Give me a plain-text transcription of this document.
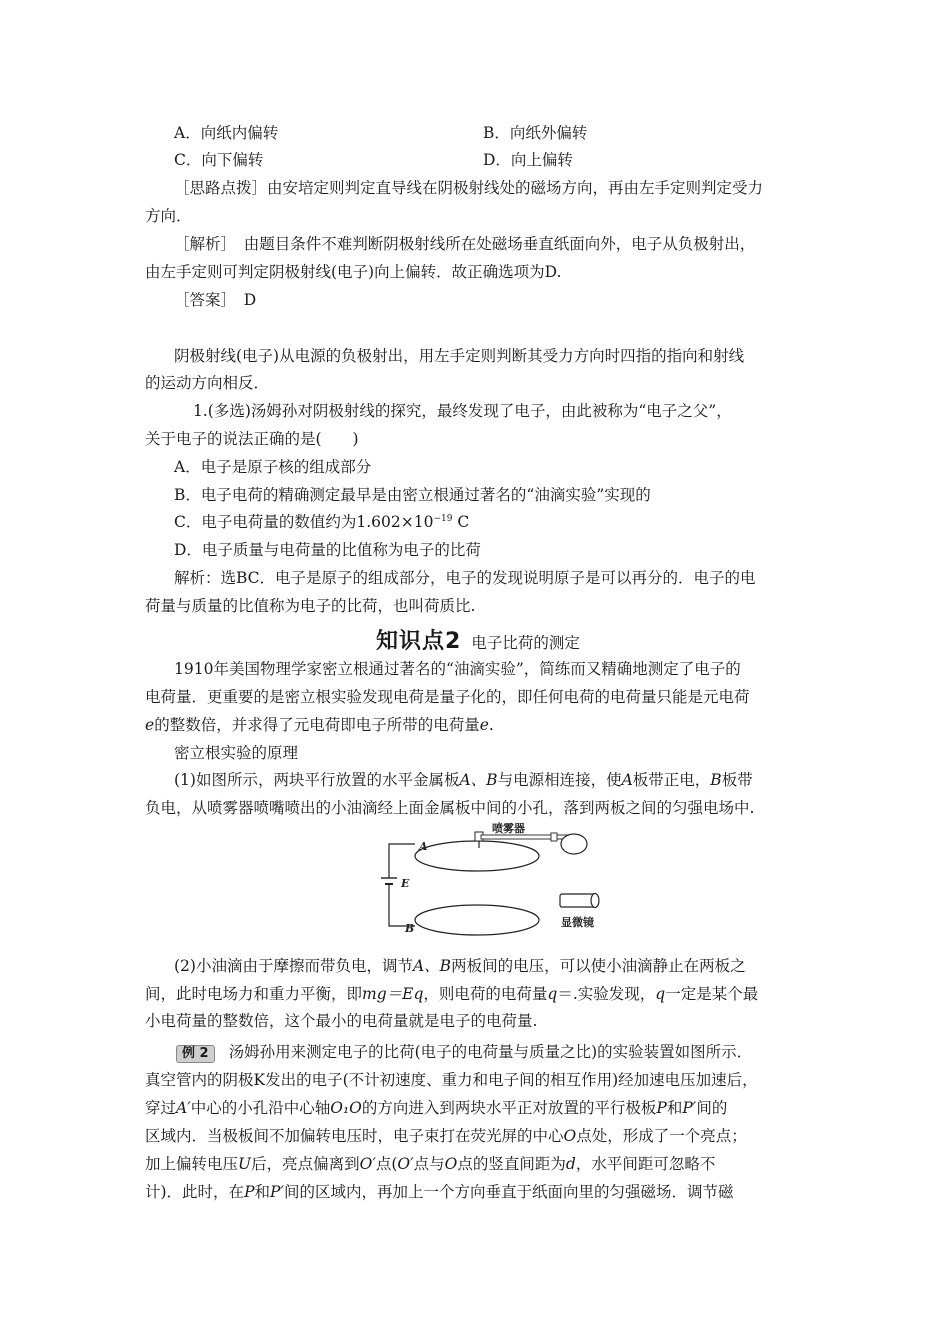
A．向纸内偏转	B．向纸外偏转
C．向下偏转	D．向上偏转
［思路点拨］由安培定则判定直导线在阴极射线处的磁场方向，再由左手定则判定受力
方向．
［解析］　由题目条件不难判断阴极射线所在处磁场垂直纸面向外，电子从负极射出，
由左手定则可判定阴极射线(电子)向上偏转．故正确选项为D.
［答案］　D
阴极射线(电子)从电源的负极射出，用左手定则判断其受力方向时四指的指向和射线
的运动方向相反．
1.(多选)汤姆孙对阴极射线的探究，最终发现了电子，由此被称为“电子之父”，
关于电子的说法正确的是(　　)
A．电子是原子核的组成部分
B．电子电荷的精确测定最早是由密立根通过著名的“油滴实验”实现的
C．电子电荷量的数值约为$1.602\times 10^{-19}$ C
D．电子质量与电荷量的比值称为电子的比荷
解析：选BC．电子是原子的组成部分，电子的发现说明原子是可以再分的．电子的电
荷量与质量的比值称为电子的比荷，也叫荷质比.
知识点2 电子比荷的测定
1910年美国物理学家密立根通过著名的“油滴实验”，简练而又精确地测定了电子的
电荷量．更重要的是密立根实验发现电荷是量子化的，即任何电荷的电荷量只能是元电荷
e的整数倍，并求得了元电荷即电子所带的电荷量e.
密立根实验的原理
(1)如图所示，两块平行放置的水平金属板A、B与电源相连接，使A板带正电，B板带
负电，从喷雾器喷嘴喷出的小油滴经上面金属板中间的小孔，落到两板之间的匀强电场中.
A
E
B
喷雾器
显微镜
(2)小油滴由于摩擦而带负电，调节A、B两板间的电压，可以使小油滴静止在两板之
间，此时电场力和重力平衡，即mg＝Eq，则电荷的电荷量q＝.实验发现，q一定是某个最
小电荷量的整数倍，这个最小的电荷量就是电子的电荷量.
例 2 汤姆孙用来测定电子的比荷(电子的电荷量与质量之比)的实验装置如图所示．
真空管内的阴极K发出的电子(不计初速度、重力和电子间的相互作用)经加速电压加速后，
穿过A′中心的小孔沿中心轴O₁O的方向进入到两块水平正对放置的平行极板P和P′间的
区域内．当极板间不加偏转电压时，电子束打在荧光屏的中心O点处，形成了一个亮点；
加上偏转电压U后，亮点偏离到O′点(O′点与O点的竖直间距为d，水平间距可忽略不
计)．此时，在P和P′间的区域内，再加上一个方向垂直于纸面向里的匀强磁场．调节磁
